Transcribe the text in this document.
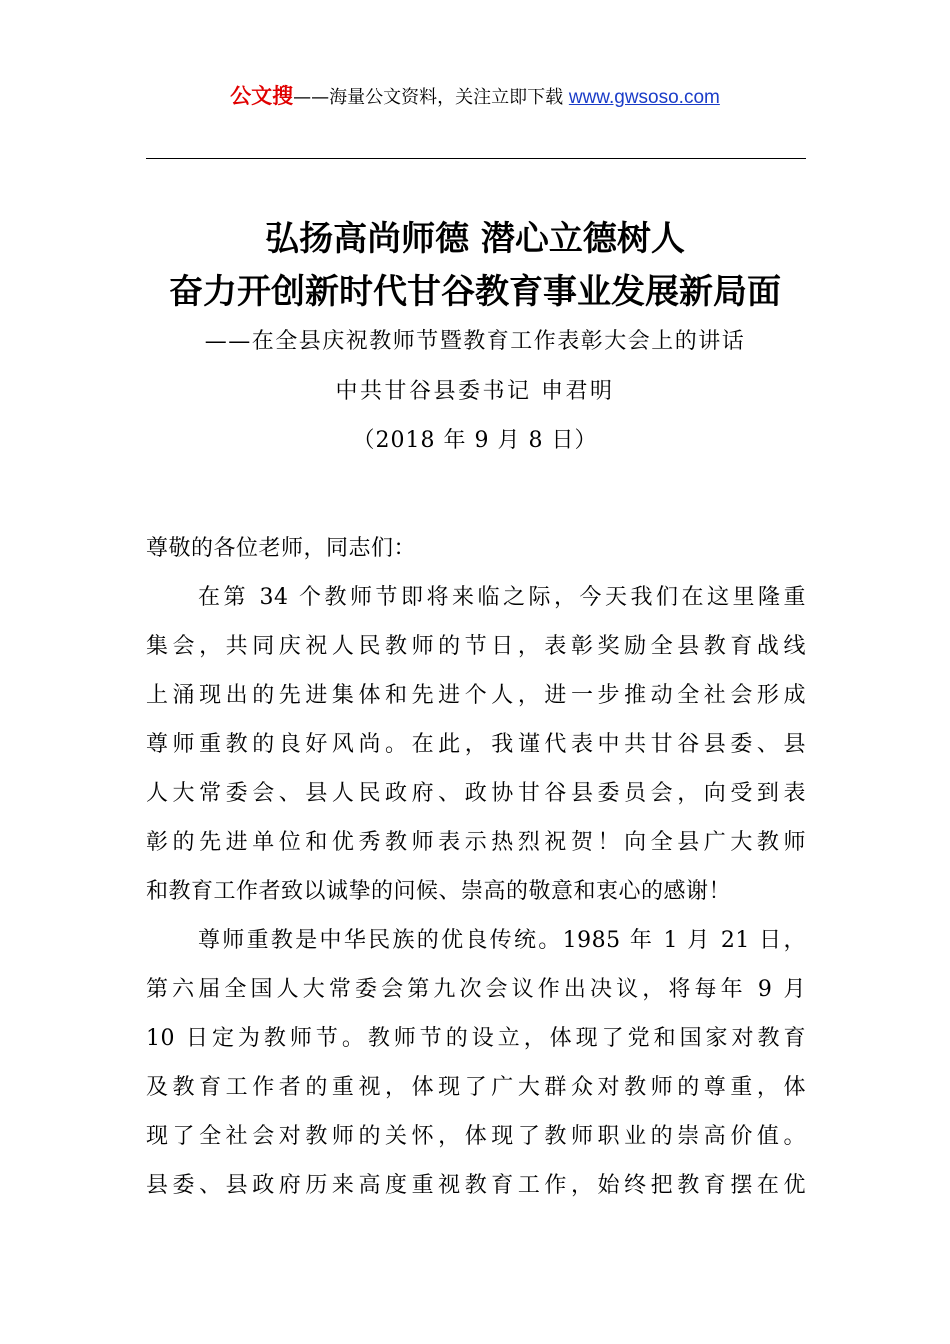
公文搜——海量公文资料，关注立即下载 www.gwsoso.com
弘扬高尚师德 潜心立德树人
奋力开创新时代甘谷教育事业发展新局面
——在全县庆祝教师节暨教育工作表彰大会上的讲话
中共甘谷县委书记 申君明
（2018 年 9 月 8 日）
尊敬的各位老师，同志们：
在第 34 个教师节即将来临之际，今天我们在这里隆重
集会，共同庆祝人民教师的节日，表彰奖励全县教育战线
上涌现出的先进集体和先进个人，进一步推动全社会形成
尊师重教的良好风尚。在此，我谨代表中共甘谷县委、县
人大常委会、县人民政府、政协甘谷县委员会，向受到表
彰的先进单位和优秀教师表示热烈祝贺！向全县广大教师
和教育工作者致以诚挚的问候、崇高的敬意和衷心的感谢！
尊师重教是中华民族的优良传统。1985 年 1 月 21 日，
第六届全国人大常委会第九次会议作出决议，将每年 9 月
10 日定为教师节。教师节的设立，体现了党和国家对教育
及教育工作者的重视，体现了广大群众对教师的尊重，体
现了全社会对教师的关怀，体现了教师职业的崇高价值。
县委、县政府历来高度重视教育工作，始终把教育摆在优
